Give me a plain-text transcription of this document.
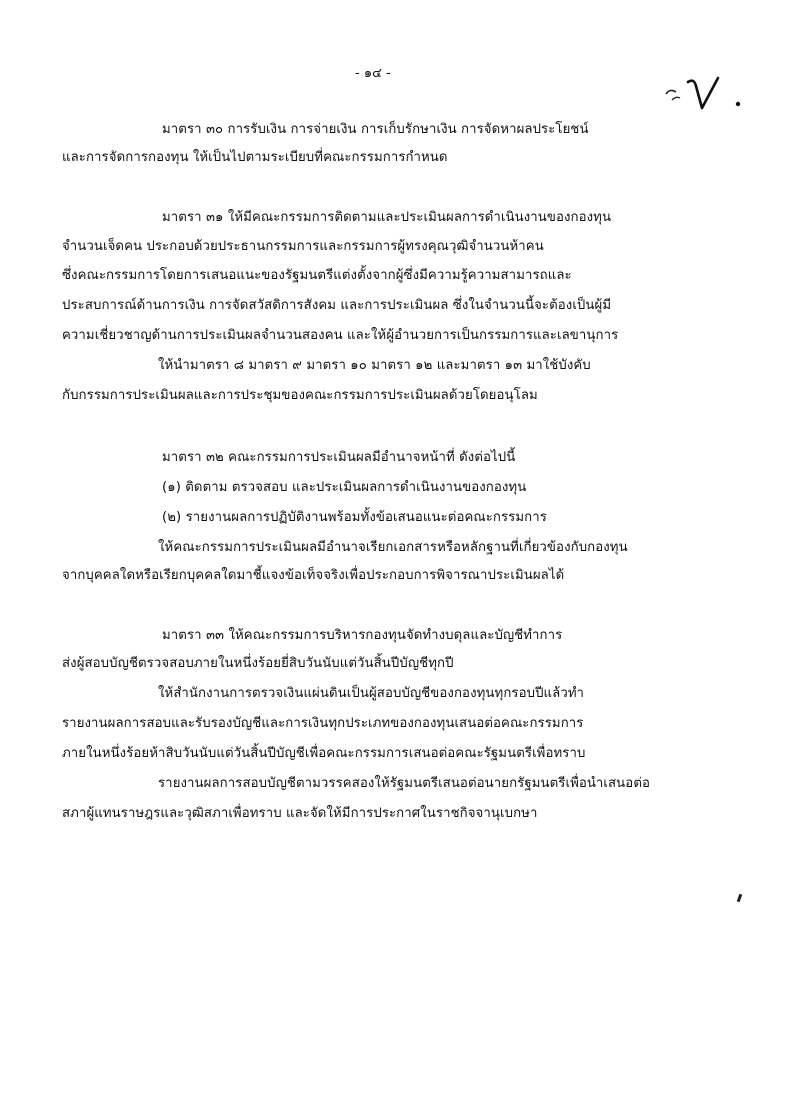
- ๑๔ -
มาตรา ๓๐ การรับเงิน การจ่ายเงิน การเก็บรักษาเงิน การจัดหาผลประโยชน์
และการจัดการกองทุน ให้เป็นไปตามระเบียบที่คณะกรรมการกำหนด
มาตรา ๓๑ ให้มีคณะกรรมการติดตามและประเมินผลการดำเนินงานของกองทุน
จำนวนเจ็ดคน ประกอบด้วยประธานกรรมการและกรรมการผู้ทรงคุณวุฒิจำนวนห้าคน
ซึ่งคณะกรรมการโดยการเสนอแนะของรัฐมนตรีแต่งตั้งจากผู้ซึ่งมีความรู้ความสามารถและ
ประสบการณ์ด้านการเงิน การจัดสวัสดิการสังคม และการประเมินผล ซึ่งในจำนวนนี้จะต้องเป็นผู้มี
ความเชี่ยวชาญด้านการประเมินผลจำนวนสองคน และให้ผู้อำนวยการเป็นกรรมการและเลขานุการ
ให้นำมาตรา ๘ มาตรา ๙ มาตรา ๑๐ มาตรา ๑๒ และมาตรา ๑๓ มาใช้บังคับ
กับกรรมการประเมินผลและการประชุมของคณะกรรมการประเมินผลด้วยโดยอนุโลม
มาตรา ๓๒ คณะกรรมการประเมินผลมีอำนาจหน้าที่ ดังต่อไปนี้
(๑) ติดตาม ตรวจสอบ และประเมินผลการดำเนินงานของกองทุน
(๒) รายงานผลการปฏิบัติงานพร้อมทั้งข้อเสนอแนะต่อคณะกรรมการ
ให้คณะกรรมการประเมินผลมีอำนาจเรียกเอกสารหรือหลักฐานที่เกี่ยวข้องกับกองทุน
จากบุคคลใดหรือเรียกบุคคลใดมาชี้แจงข้อเท็จจริงเพื่อประกอบการพิจารณาประเมินผลได้
มาตรา ๓๓ ให้คณะกรรมการบริหารกองทุนจัดทำงบดุลและบัญชีทำการ
ส่งผู้สอบบัญชีตรวจสอบภายในหนึ่งร้อยยี่สิบวันนับแต่วันสิ้นปีบัญชีทุกปี
ให้สำนักงานการตรวจเงินแผ่นดินเป็นผู้สอบบัญชีของกองทุนทุกรอบปีแล้วทำ
รายงานผลการสอบและรับรองบัญชีและการเงินทุกประเภทของกองทุนเสนอต่อคณะกรรมการ
ภายในหนึ่งร้อยห้าสิบวันนับแต่วันสิ้นปีบัญชีเพื่อคณะกรรมการเสนอต่อคณะรัฐมนตรีเพื่อทราบ
รายงานผลการสอบบัญชีตามวรรคสองให้รัฐมนตรีเสนอต่อนายกรัฐมนตรีเพื่อนำเสนอต่อ
สภาผู้แทนราษฎรและวุฒิสภาเพื่อทราบ และจัดให้มีการประกาศในราชกิจจานุเบกษา
